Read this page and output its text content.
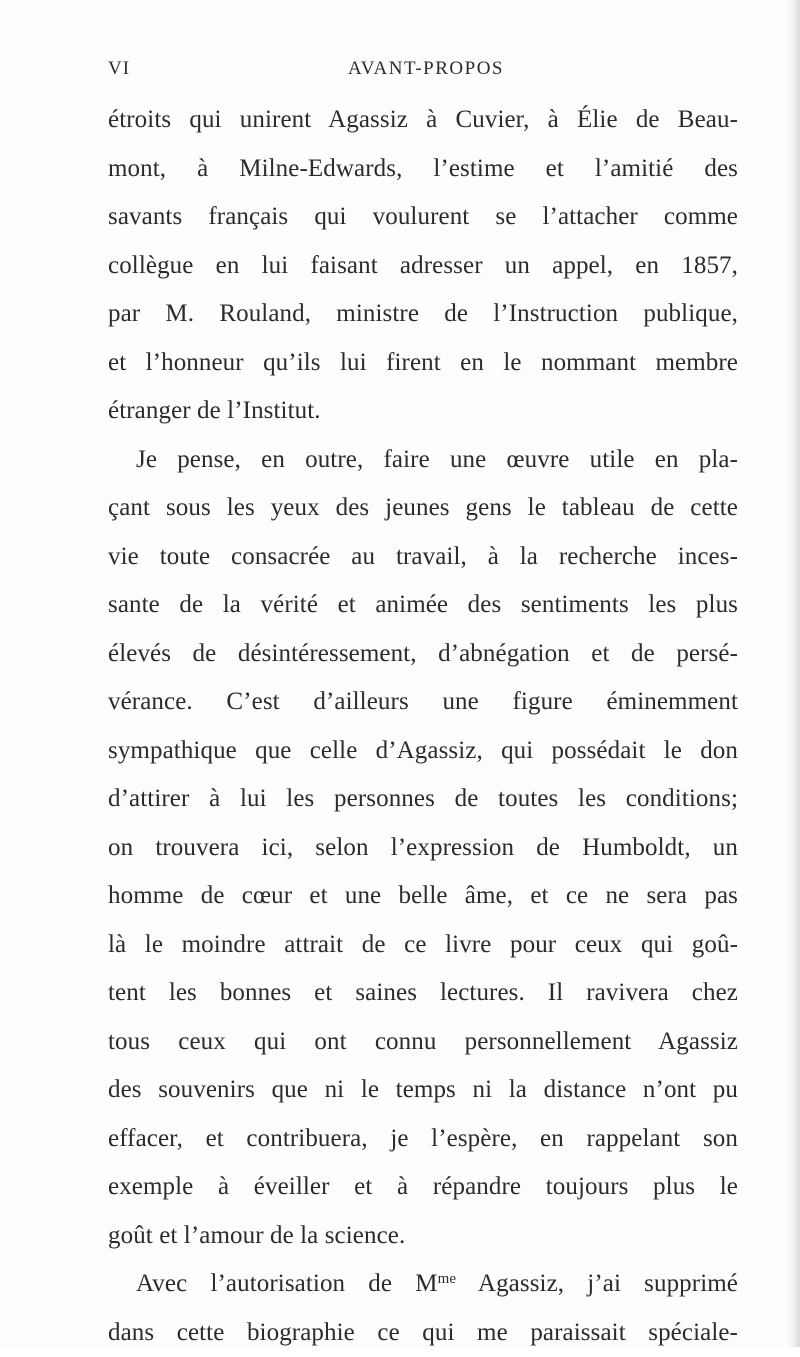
VI	AVANT-PROPOS
étroits qui unirent Agassiz à Cuvier, à Élie de Beau-
mont, à Milne-Edwards, l’estime et l’amitié des
savants français qui voulurent se l’attacher comme
collègue en lui faisant adresser un appel, en 1857,
par M. Rouland, ministre de l’Instruction publique,
et l’honneur qu’ils lui firent en le nommant membre
étranger de l’Institut.
Je pense, en outre, faire une œuvre utile en pla-
çant sous les yeux des jeunes gens le tableau de cette
vie toute consacrée au travail, à la recherche inces-
sante de la vérité et animée des sentiments les plus
élevés de désintéressement, d’abnégation et de persé-
vérance. C’est d’ailleurs une figure éminemment
sympathique que celle d’Agassiz, qui possédait le don
d’attirer à lui les personnes de toutes les conditions;
on trouvera ici, selon l’expression de Humboldt, un
homme de cœur et une belle âme, et ce ne sera pas
là le moindre attrait de ce livre pour ceux qui goû-
tent les bonnes et saines lectures. Il ravivera chez
tous ceux qui ont connu personnellement Agassiz
des souvenirs que ni le temps ni la distance n’ont pu
effacer, et contribuera, je l’espère, en rappelant son
exemple à éveiller et à répandre toujours plus le
goût et l’amour de la science.
Avec l’autorisation de $M^{me}$ Agassiz, j’ai supprimé
dans cette biographie ce qui me paraissait spéciale-
